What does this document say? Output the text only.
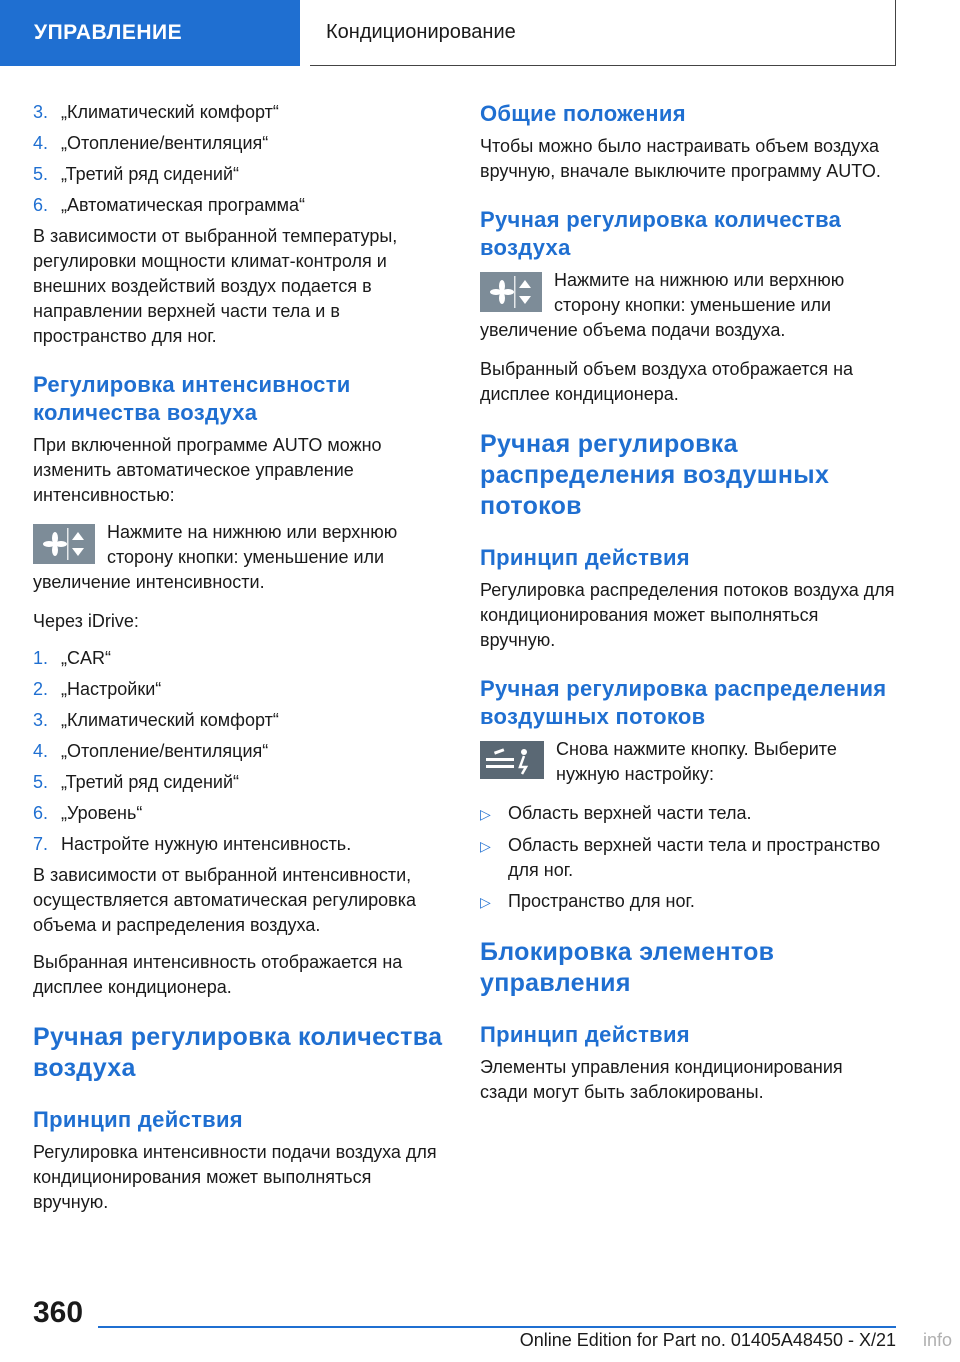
УПРАВЛЕНИЕ	Кондиционирование
3. „Климатический комфорт“
4. „Отопление/вентиляция“
5. „Третий ряд сидений“
6. „Автоматическая программа“

В зависимости от выбранной температуры, регулировки мощности климат-контроля и внешних воздействий воздух подается в направлении верхней части тела и в пространство для ног.

Регулировка интенсивности количества воздуха

При включенной программе AUTO можно изменить автоматическое управление интенсивностью:

Нажмите на нижнюю или верхнюю сторону кнопки: уменьшение или увеличение интенсивности.

Через iDrive:

1. „CAR“
2. „Настройки“
3. „Климатический комфорт“
4. „Отопление/вентиляция“
5. „Третий ряд сидений“
6. „Уровень“
7. Настройте нужную интенсивность.

В зависимости от выбранной интенсивности, осуществляется автоматическая регулировка объема и распределения воздуха.

Выбранная интенсивность отображается на дисплее кондиционера.

Ручная регулировка количества воздуха
Принцип действия

Регулировка интенсивности подачи воздуха для кондиционирования может выполняться вручную.

Общие положения

Чтобы можно было настраивать объем воздуха вручную, вначале выключите программу AUTO.

Ручная регулировка количества воздуха
Нажмите на нижнюю или верхнюю сторону кнопки: уменьшение или увеличение объема подачи воздуха.

Выбранный объем воздуха отображается на дисплее кондиционера.

Ручная регулировка распределения воздушных потоков
Принцип действия

Регулировка распределения потоков воздуха для кондиционирования может выполняться вручную.

Ручная регулировка распределения воздушных потоков
Снова нажмите кнопку. Выберите нужную настройку:
▷ Область верхней части тела.
▷ Область верхней части тела и пространство для ног.
▷ Пространство для ног.
Блокировка элементов управления
Принцип действия

Элементы управления кондиционирования сзади могут быть заблокированы.

360
Online Edition for Part no. 01405A48450 - X/21 info
